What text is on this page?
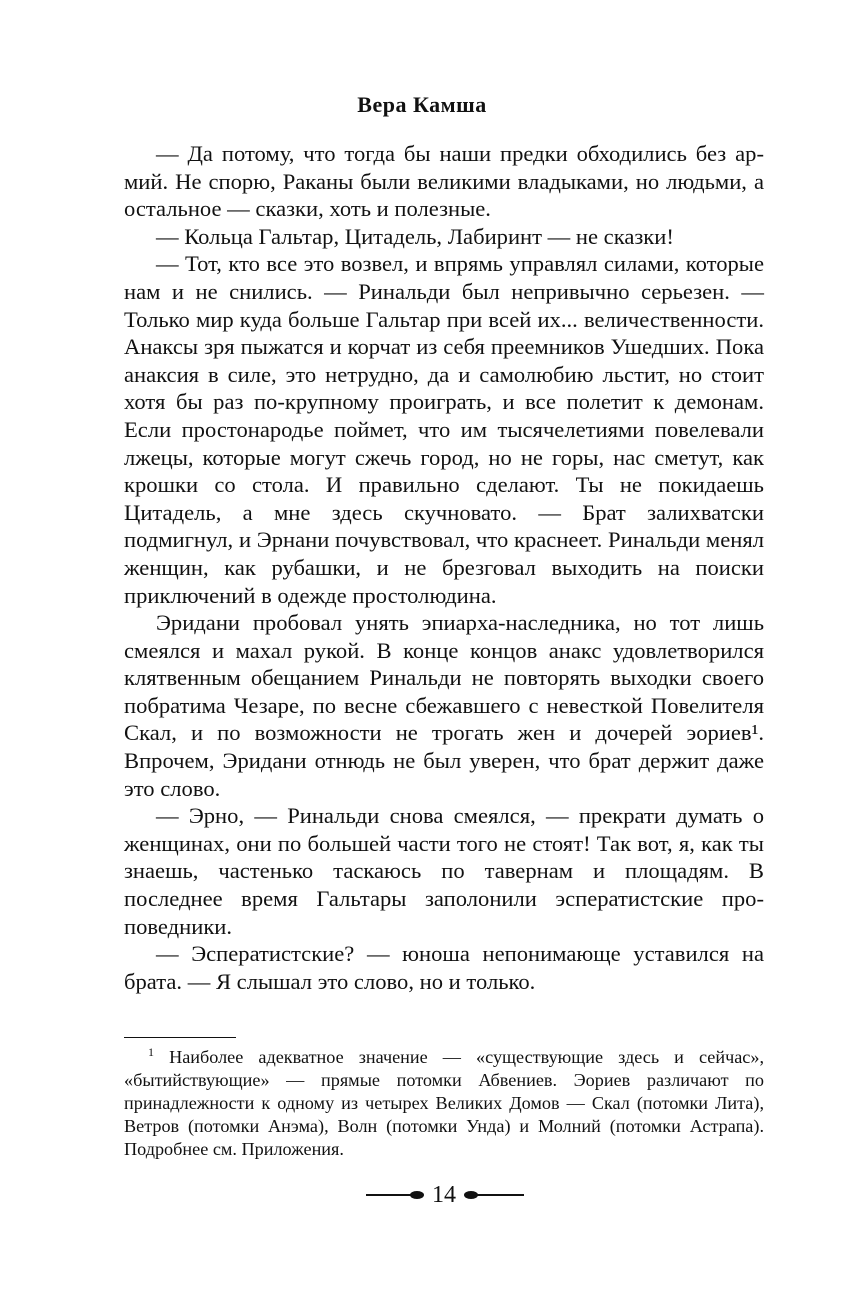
Вера Камша

— Да потому, что тогда бы наши предки обходились без армий. Не спорю, Раканы были великими владыками, но людьми, а остальное — сказки, хоть и полезные.

— Кольца Гальтар, Цитадель, Лабиринт — не сказки!

— Тот, кто все это возвел, и впрямь управлял силами, которые нам и не снились. — Ринальди был непривычно серьезен. — Только мир куда больше Гальтар при всей их... величественности. Анаксы зря пыжатся и корчат из себя преемников Ушедших. Пока анаксия в силе, это нетрудно, да и самолюбию льстит, но стоит хотя бы раз по-крупному проиграть, и все полетит к демонам. Если простонародье поймет, что им тысячелетиями повелевали лжецы, которые могут сжечь город, но не горы, нас сметут, как крошки со стола. И правильно сделают. Ты не покидаешь Цитадель, а мне здесь скучновато. — Брат залихватски подмигнул, и Эрнани почувствовал, что краснеет. Ринальди менял женщин, как рубашки, и не брезговал выходить на поиски приключений в одежде простолюдина.

Эридани пробовал унять эпиарха-наследника, но тот лишь смеялся и махал рукой. В конце концов анакс удовлетворился клятвенным обещанием Ринальди не повторять выходки своего побратима Чезаре, по весне сбежавшего с невесткой Повелителя Скал, и по возможности не трогать жен и дочерей эориев¹. Впрочем, Эридани отнюдь не был уверен, что брат держит даже это слово.

— Эрно, — Ринальди снова смеялся, — прекрати думать о женщинах, они по большей части того не стоят! Так вот, я, как ты знаешь, частенько таскаюсь по тавернам и площадям. В последнее время Гальтары заполонили эсператистские проповедники.

— Эсператистские? — юноша непонимающе уставился на брата. — Я слышал это слово, но и только.

$^1$ Наиболее адекватное значение — «существующие здесь и сейчас», «бытийствующие» — прямые потомки Абвениев. Эориев различают по принадлежности к одному из четырех Великих Домов — Скал (потомки Лита), Ветров (потомки Анэма), Волн (потомки Унда) и Молний (потомки Астрапа). Подробнее см. Приложения.

14
